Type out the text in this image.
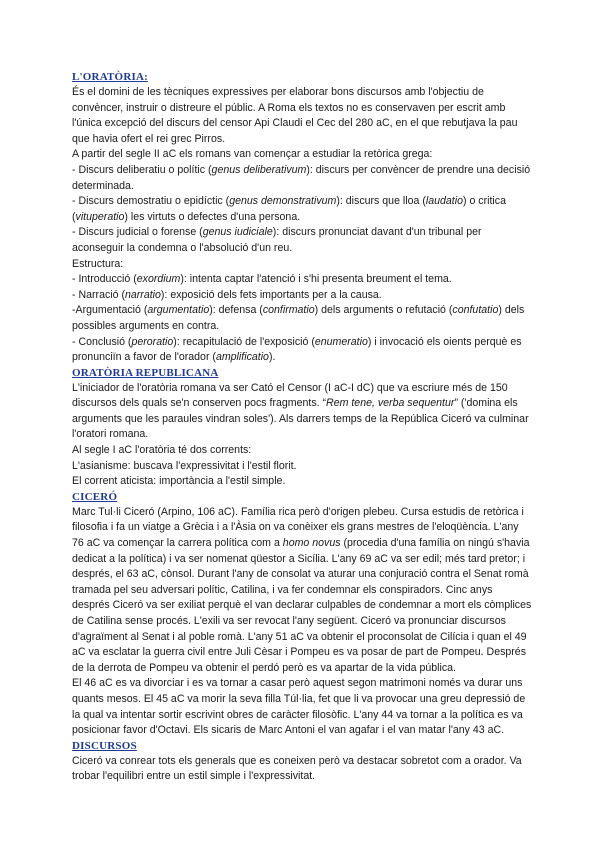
L'ORATÒRIA:

És el domini de les tècniques expressives per elaborar bons discursos amb l'objectiu de convèncer, instruir o distreure el públic. A Roma els textos no es conservaven per escrit amb l'única excepció del discurs del censor Api Claudi el Cec del 280 aC, en el que rebutjava la pau que havia ofert el rei grec Pirros.

A partir del segle II aC els romans van començar a estudiar la retòrica grega:

- Discurs deliberatiu o polític (genus deliberativum): discurs per convèncer de prendre una decisió determinada.

- Discurs demostratiu o epidíctic (genus demonstrativum): discurs que lloa (laudatio) o critica (vituperatio) les virtuts o defectes d'una persona.

- Discurs judicial o forense (genus iudiciale): discurs pronunciat davant d'un tribunal per aconseguir la condemna o l'absolució d'un reu.

Estructura:

- Introducció (exordium): intenta captar l'atenció i s'hi presenta breument el tema.

- Narració (narratio): exposició dels fets importants per a la causa.

-Argumentació (argumentatio): defensa (confirmatio) dels arguments o refutació (confutatio) dels possibles arguments en contra.

- Conclusió (peroratio): recapitulació de l'exposició (enumeratio) i invocació els oients perquè es pronunciïn a favor de l'orador (amplificatio).

ORATÒRIA REPUBLICANA

L'iniciador de l'oratòria romana va ser Cató el Censor (I aC-I dC) que va escriure més de 150 discursos dels quals se'n conserven pocs fragments. “Rem tene, verba sequentur” ('domina els arguments que les paraules vindran soles'). Als darrers temps de la República Ciceró va culminar l'oratori romana.

Al segle I aC l'oratòria té dos corrents:

L'asianisme: buscava l'expressivitat i l'estil florit.

El corrent aticista: importància a l'estil simple.

CICERÓ

Marc Tul·li Ciceró (Arpino, 106 aC). Família rica però d'origen plebeu. Cursa estudis de retòrica i filosofia i fa un viatge a Grècia i a l'Àsia on va conèixer els grans mestres de l'eloqüència. L'any 76 aC va començar la carrera política com a homo novus (procedia d'una família on ningú s'havia dedicat a la política) i va ser nomenat qüestor a Sicília. L'any 69 aC va ser edil; més tard pretor; i després, el 63 aC, cònsol. Durant l'any de consolat va aturar una conjuració contra el Senat romà tramada pel seu adversari polític, Catilina, i va fer condemnar els conspiradors. Cinc anys després Ciceró va ser exiliat perquè el van declarar culpables de condemnar a mort els còmplices de Catilina sense procés. L'exili va ser revocat l'any següent. Ciceró va pronunciar discursos d'agraïment al Senat i al poble romà. L'any 51 aC va obtenir el proconsolat de Cilícia i quan el 49 aC va esclatar la guerra civil entre Juli Cèsar i Pompeu es va posar de part de Pompeu. Després de la derrota de Pompeu va obtenir el perdó però es va apartar de la vida pública.

El 46 aC es va divorciar i es va tornar a casar però aquest segon matrimoni només va durar uns quants mesos. El 45 aC va morir la seva filla Túl·lia, fet que li va provocar una greu depressió de la qual va intentar sortir escrivint obres de caràcter filosòfic. L'any 44 va tornar a la política es va posicionar favor d'Octavi. Els sicaris de Marc Antoni el van agafar i el van matar l'any 43 aC.

DISCURSOS

Ciceró va conrear tots els generals que es coneixen però va destacar sobretot com a orador. Va trobar l'equilibri entre un estil simple i l'expressivitat.
